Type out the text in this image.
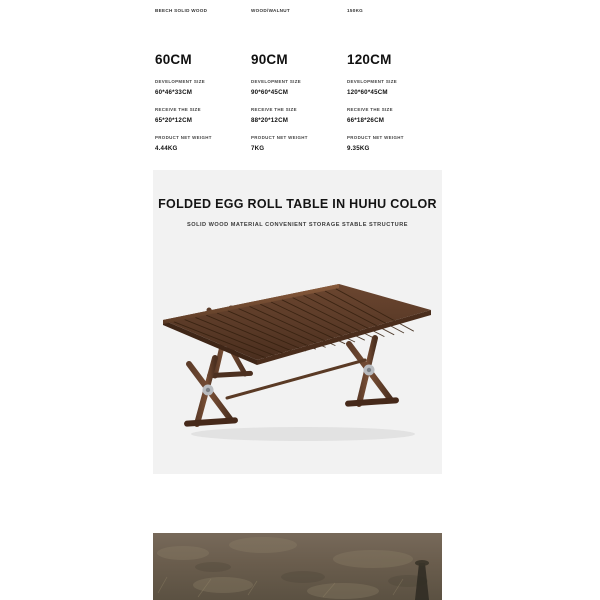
BEECH SOLID WOOD	WOOD/WALNUT	150KG
60CM
DEVELOPMENT SIZE
60*46*33CM
RECEIVE THE SIZE
65*20*12CM
PRODUCT NET WEIGHT
4.44KG
90CM
DEVELOPMENT SIZE
90*60*45CM
RECEIVE THE SIZE
88*20*12CM
PRODUCT NET WEIGHT
7KG
120CM
DEVELOPMENT SIZE
120*60*45CM
RECEIVE THE SIZE
66*18*26CM
PRODUCT NET WEIGHT
9.35KG
FOLDED EGG ROLL TABLE IN HUHU COLOR
SOLID WOOD MATERIAL CONVENIENT STORAGE STABLE STRUCTURE
